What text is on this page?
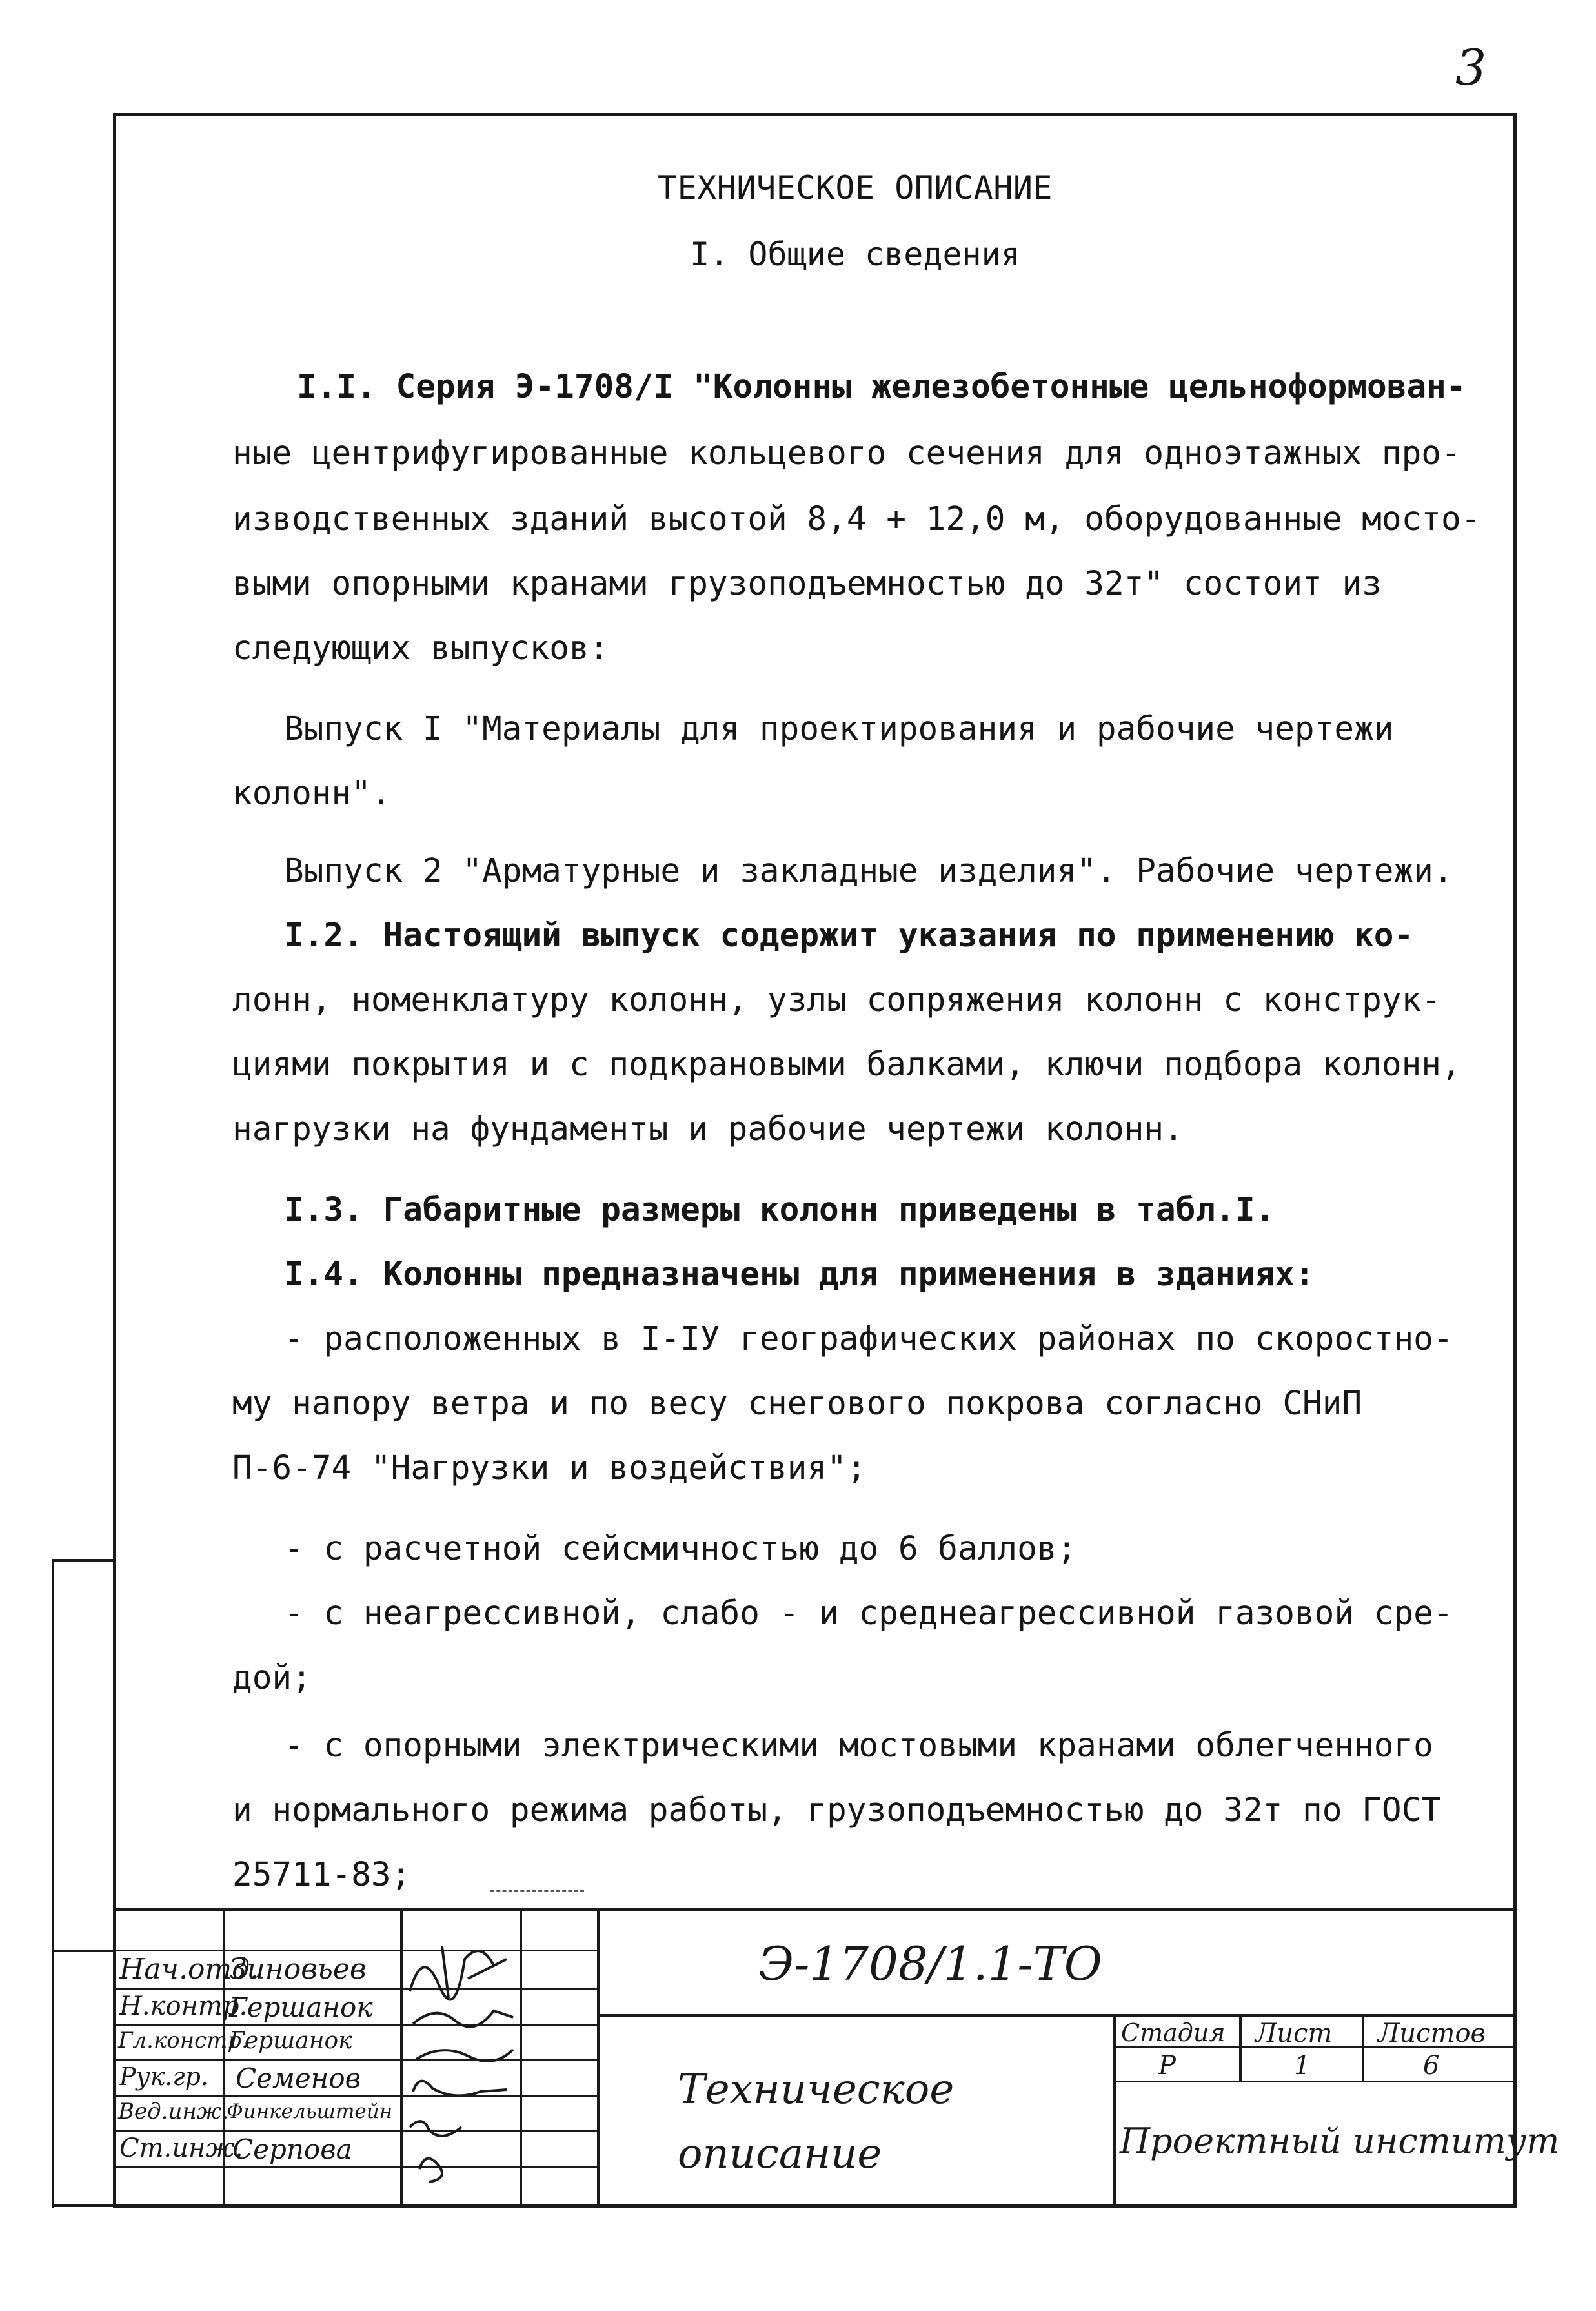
3
ТЕХНИЧЕСКОЕ ОПИСАНИЕ
I. Общие сведения
I.I. Серия Э-1708/I "Колонны железобетонные цельноформован-
ные центрифугированные кольцевого сечения для одноэтажных про-
изводственных зданий высотой 8,4 + 12,0 м, оборудованные мосто-
выми опорными кранами грузоподъемностью до 32т" состоит из
следующих выпусков:
Выпуск I "Материалы для проектирования и рабочие чертежи
колонн".
Выпуск 2 "Арматурные и закладные изделия". Рабочие чертежи.
I.2. Настоящий выпуск содержит указания по применению ко-
лонн, номенклатуру колонн, узлы сопряжения колонн с конструк-
циями покрытия и с подкрановыми балками, ключи подбора колонн,
нагрузки на фундаменты и рабочие чертежи колонн.
I.3. Габаритные размеры колонн приведены в табл.I.
I.4. Колонны предназначены для применения в зданиях:
- расположенных в I-IУ географических районах по скоростно-
му напору ветра и по весу снегового покрова согласно СНиП
П-6-74 "Нагрузки и воздействия";
- с расчетной сейсмичностью до 6 баллов;
- с неагрессивной, слабо - и среднеагрессивной газовой сре-
дой;
- с опорными электрическими мостовыми кранами облегченного
и нормального режима работы, грузоподъемностью до 32т по ГОСТ
25711-83;
Нач.отд.
Зиновьев
Н.контр.
Гершанок
Гл.констр.
Гершанок
Рук.гр. Семенов
Вед.инж.
Финкельштейн
Ст.инж.
Серпова
Э-1708/1.1-ТО
Техническое
описание
Стадия Лист Листов
Р	1	6
Проектный институт
